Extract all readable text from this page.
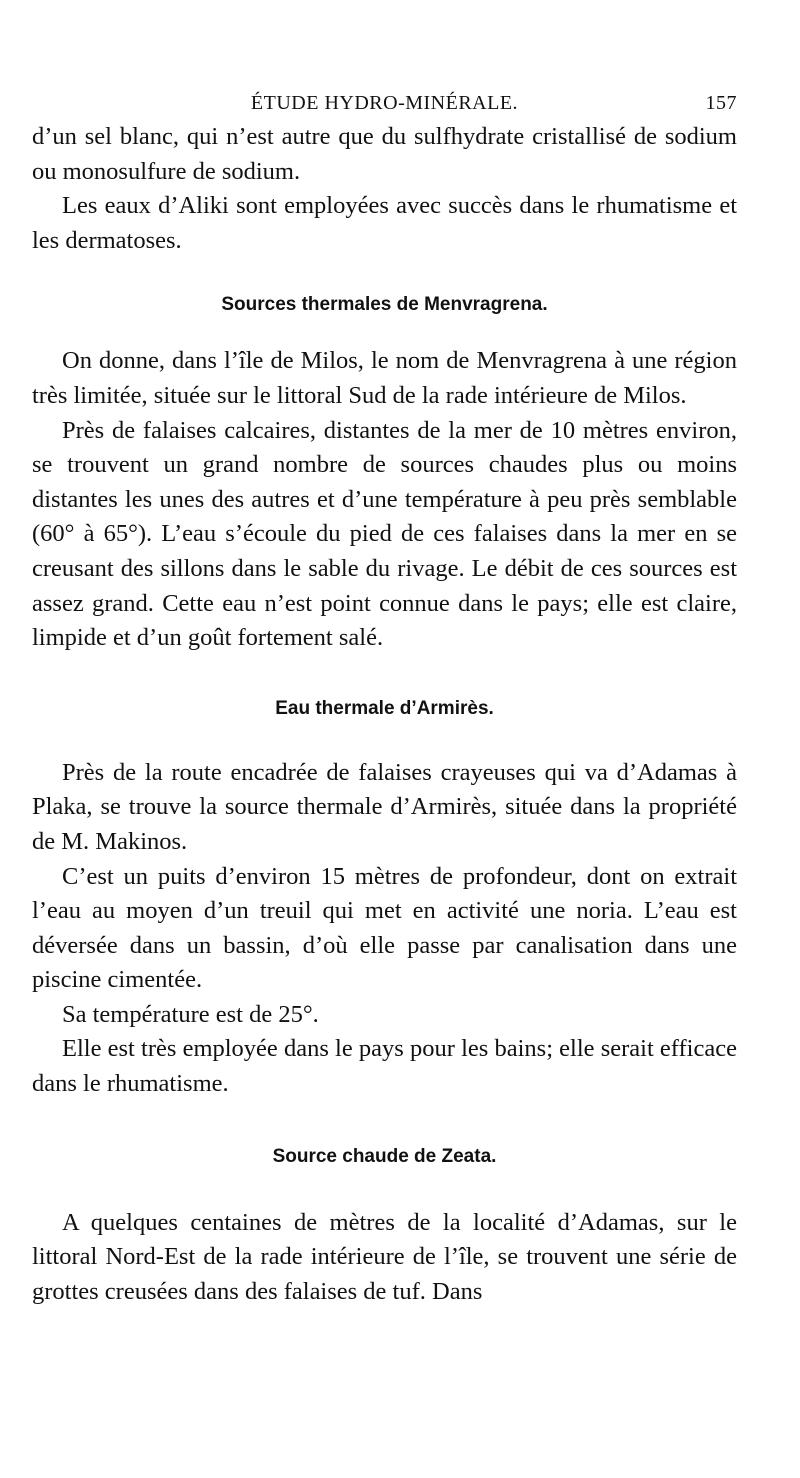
ÉTUDE HYDRO-MINÉRALE.	157

d’un sel blanc, qui n’est autre que du sulfhydrate cristallisé de sodium ou monosulfure de sodium.

Les eaux d’Aliki sont employées avec succès dans le rhumatisme et les dermatoses.

Sources thermales de Menvragrena.

On donne, dans l’île de Milos, le nom de Menvragrena à une région très limitée, située sur le littoral Sud de la rade intérieure de Milos.

Près de falaises calcaires, distantes de la mer de 10 mètres environ, se trouvent un grand nombre de sources chaudes plus ou moins distantes les unes des autres et d’une température à peu près semblable (60° à 65°). L’eau s’écoule du pied de ces falaises dans la mer en se creusant des sillons dans le sable du rivage. Le débit de ces sources est assez grand. Cette eau n’est point connue dans le pays; elle est claire, limpide et d’un goût fortement salé.

Eau thermale d’Armirès.

Près de la route encadrée de falaises crayeuses qui va d’Adamas à Plaka, se trouve la source thermale d’Armirès, située dans la propriété de M. Makinos.

C’est un puits d’environ 15 mètres de profondeur, dont on extrait l’eau au moyen d’un treuil qui met en activité une noria. L’eau est déversée dans un bassin, d’où elle passe par canalisation dans une piscine cimentée.

Sa température est de 25°.

Elle est très employée dans le pays pour les bains; elle serait efficace dans le rhumatisme.

Source chaude de Zeata.

A quelques centaines de mètres de la localité d’Adamas, sur le littoral Nord-Est de la rade intérieure de l’île, se trouvent une série de grottes creusées dans des falaises de tuf. Dans
